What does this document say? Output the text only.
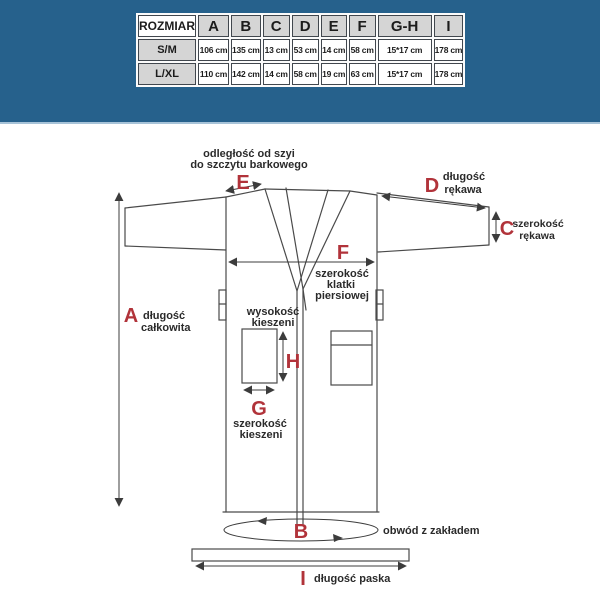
odległość od szyi
do szczytu barkowego
E	D długość
rękawa
C
szerokość
rękawa
F
szerokość
klatki
piersiowej
A długość
całkowita
wysokość
kieszeni
H
G
szerokość
kieszeni
B	obwód z zakładem
I długość paska
ROZMIAR	A	B	C	D	E	F	G-H	I
S/M	106 cm	135 cm	13 cm	53 cm	14 cm	58 cm	15*17 cm	178 cm
L/XL	110 cm	142 cm	14 cm	58 cm	19 cm	63 cm	15*17 cm	178 cm
